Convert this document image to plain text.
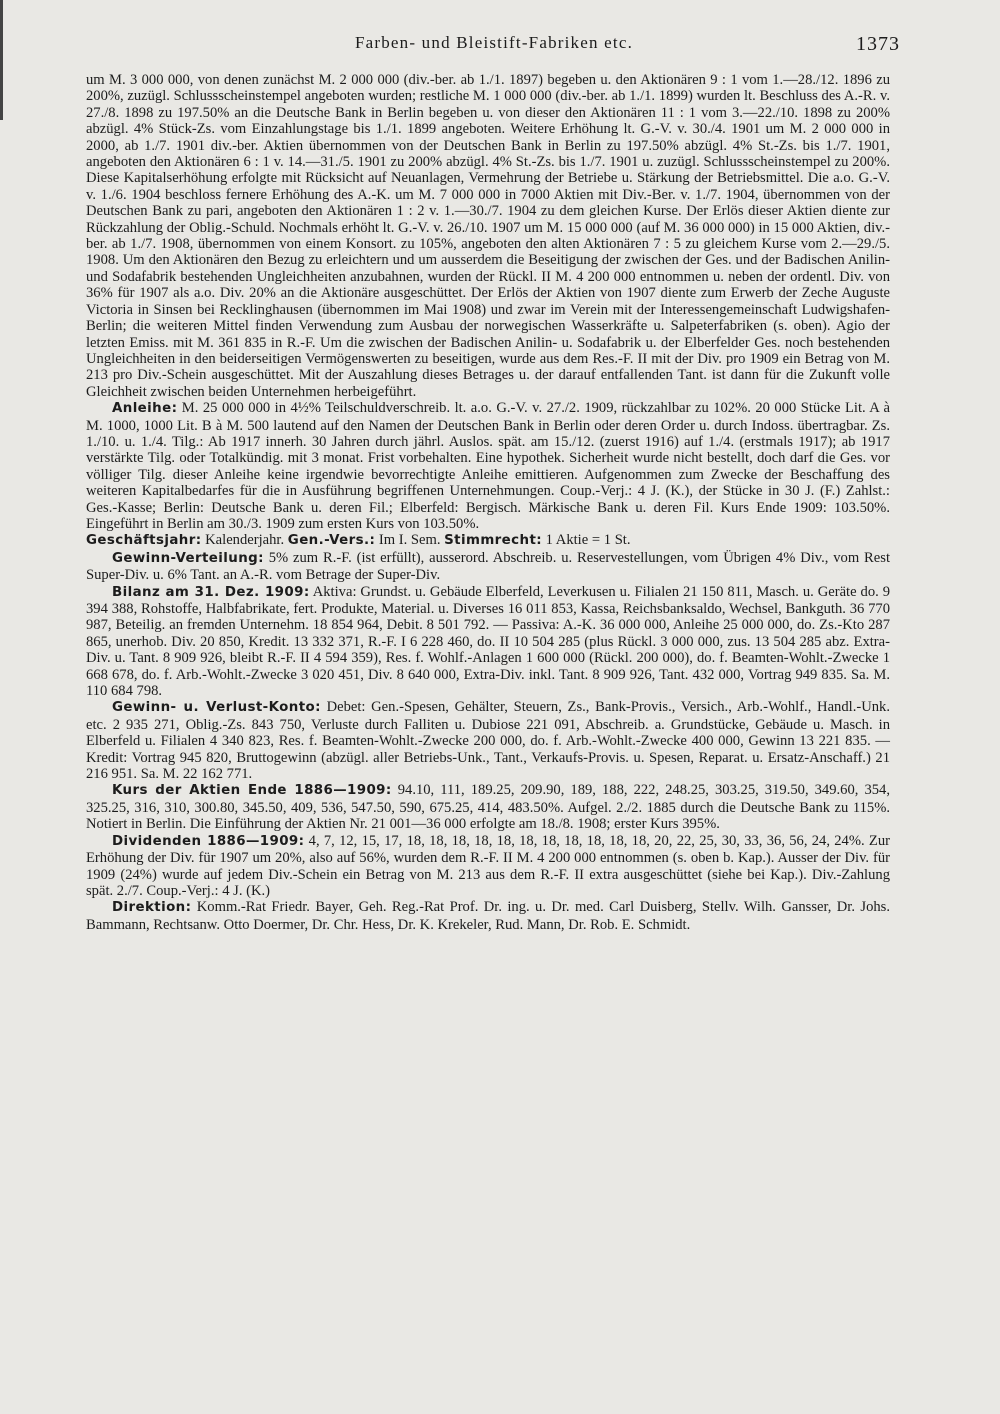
Farben- und Bleistift-Fabriken etc.	1373

um M. 3 000 000, von denen zunächst M. 2 000 000 (div.-ber. ab 1./1. 1897) begeben u. den Aktionären 9 : 1 vom 1.—28./12. 1896 zu 200%, zuzügl. Schlussscheinstempel angeboten wurden; restliche M. 1 000 000 (div.-ber. ab 1./1. 1899) wurden lt. Beschluss des A.-R. v. 27./8. 1898 zu 197.50% an die Deutsche Bank in Berlin begeben u. von dieser den Aktionären 11 : 1 vom 3.—22./10. 1898 zu 200% abzügl. 4% Stück-Zs. vom Einzahlungstage bis 1./1. 1899 angeboten. Weitere Erhöhung lt. G.-V. v. 30./4. 1901 um M. 2 000 000 in 2000, ab 1./7. 1901 div.-ber. Aktien übernommen von der Deutschen Bank in Berlin zu 197.50% abzügl. 4% St.-Zs. bis 1./7. 1901, angeboten den Aktionären 6 : 1 v. 14.—31./5. 1901 zu 200% abzügl. 4% St.-Zs. bis 1./7. 1901 u. zuzügl. Schlussscheinstempel zu 200%. Diese Kapitalserhöhung erfolgte mit Rücksicht auf Neuanlagen, Vermehrung der Betriebe u. Stärkung der Betriebsmittel. Die a.o. G.-V. v. 1./6. 1904 beschloss fernere Erhöhung des A.-K. um M. 7 000 000 in 7000 Aktien mit Div.-Ber. v. 1./7. 1904, übernommen von der Deutschen Bank zu pari, angeboten den Aktionären 1 : 2 v. 1.—30./7. 1904 zu dem gleichen Kurse. Der Erlös dieser Aktien diente zur Rückzahlung der Oblig.-Schuld. Nochmals erhöht lt. G.-V. v. 26./10. 1907 um M. 15 000 000 (auf M. 36 000 000) in 15 000 Aktien, div.-ber. ab 1./7. 1908, übernommen von einem Konsort. zu 105%, angeboten den alten Aktionären 7 : 5 zu gleichem Kurse vom 2.—29./5. 1908. Um den Aktionären den Bezug zu erleichtern und um ausserdem die Beseitigung der zwischen der Ges. und der Badischen Anilin- und Sodafabrik bestehenden Ungleichheiten anzubahnen, wurden der Rückl. II M. 4 200 000 entnommen u. neben der ordentl. Div. von 36% für 1907 als a.o. Div. 20% an die Aktionäre ausgeschüttet. Der Erlös der Aktien von 1907 diente zum Erwerb der Zeche Auguste Victoria in Sinsen bei Recklinghausen (übernommen im Mai 1908) und zwar im Verein mit der Interessengemeinschaft Ludwigshafen-Berlin; die weiteren Mittel finden Verwendung zum Ausbau der norwegischen Wasserkräfte u. Salpeterfabriken (s. oben). Agio der letzten Emiss. mit M. 361 835 in R.-F. Um die zwischen der Badischen Anilin- u. Sodafabrik u. der Elberfelder Ges. noch bestehenden Ungleichheiten in den beiderseitigen Vermögenswerten zu beseitigen, wurde aus dem Res.-F. II mit der Div. pro 1909 ein Betrag von M. 213 pro Div.-Schein ausgeschüttet. Mit der Auszahlung dieses Betrages u. der darauf entfallenden Tant. ist dann für die Zukunft volle Gleichheit zwischen beiden Unternehmen herbeigeführt.

Anleihe: M. 25 000 000 in 4½% Teilschuldverschreib. lt. a.o. G.-V. v. 27./2. 1909, rückzahlbar zu 102%. 20 000 Stücke Lit. A à M. 1000, 1000 Lit. B à M. 500 lautend auf den Namen der Deutschen Bank in Berlin oder deren Order u. durch Indoss. übertragbar. Zs. 1./10. u. 1./4. Tilg.: Ab 1917 innerh. 30 Jahren durch jährl. Auslos. spät. am 15./12. (zuerst 1916) auf 1./4. (erstmals 1917); ab 1917 verstärkte Tilg. oder Totalkündig. mit 3 monat. Frist vorbehalten. Eine hypothek. Sicherheit wurde nicht bestellt, doch darf die Ges. vor völliger Tilg. dieser Anleihe keine irgendwie bevorrechtigte Anleihe emittieren. Aufgenommen zum Zwecke der Beschaffung des weiteren Kapitalbedarfes für die in Ausführung begriffenen Unternehmungen. Coup.-Verj.: 4 J. (K.), der Stücke in 30 J. (F.) Zahlst.: Ges.-Kasse; Berlin: Deutsche Bank u. deren Fil.; Elberfeld: Bergisch. Märkische Bank u. deren Fil. Kurs Ende 1909: 103.50%. Eingeführt in Berlin am 30./3. 1909 zum ersten Kurs von 103.50%.

Geschäftsjahr: Kalenderjahr. Gen.-Vers.: Im I. Sem. Stimmrecht: 1 Aktie = 1 St.

Gewinn-Verteilung: 5% zum R.-F. (ist erfüllt), ausserord. Abschreib. u. Reservestellungen, vom Übrigen 4% Div., vom Rest Super-Div. u. 6% Tant. an A.-R. vom Betrage der Super-Div.

Bilanz am 31. Dez. 1909: Aktiva: Grundst. u. Gebäude Elberfeld, Leverkusen u. Filialen 21 150 811, Masch. u. Geräte do. 9 394 388, Rohstoffe, Halbfabrikate, fert. Produkte, Material. u. Diverses 16 011 853, Kassa, Reichsbanksaldo, Wechsel, Bankguth. 36 770 987, Beteilig. an fremden Unternehm. 18 854 964, Debit. 8 501 792. — Passiva: A.-K. 36 000 000, Anleihe 25 000 000, do. Zs.-Kto 287 865, unerhob. Div. 20 850, Kredit. 13 332 371, R.-F. I 6 228 460, do. II 10 504 285 (plus Rückl. 3 000 000, zus. 13 504 285 abz. Extra-Div. u. Tant. 8 909 926, bleibt R.-F. II 4 594 359), Res. f. Wohlf.-Anlagen 1 600 000 (Rückl. 200 000), do. f. Beamten-Wohlt.-Zwecke 1 668 678, do. f. Arb.-Wohlt.-Zwecke 3 020 451, Div. 8 640 000, Extra-Div. inkl. Tant. 8 909 926, Tant. 432 000, Vortrag 949 835. Sa. M. 110 684 798.

Gewinn- u. Verlust-Konto: Debet: Gen.-Spesen, Gehälter, Steuern, Zs., Bank-Provis., Versich., Arb.-Wohlf., Handl.-Unk. etc. 2 935 271, Oblig.-Zs. 843 750, Verluste durch Falliten u. Dubiose 221 091, Abschreib. a. Grundstücke, Gebäude u. Masch. in Elberfeld u. Filialen 4 340 823, Res. f. Beamten-Wohlt.-Zwecke 200 000, do. f. Arb.-Wohlt.-Zwecke 400 000, Gewinn 13 221 835. — Kredit: Vortrag 945 820, Bruttogewinn (abzügl. aller Betriebs-Unk., Tant., Verkaufs-Provis. u. Spesen, Reparat. u. Ersatz-Anschaff.) 21 216 951. Sa. M. 22 162 771.

Kurs der Aktien Ende 1886—1909: 94.10, 111, 189.25, 209.90, 189, 188, 222, 248.25, 303.25, 319.50, 349.60, 354, 325.25, 316, 310, 300.80, 345.50, 409, 536, 547.50, 590, 675.25, 414, 483.50%. Aufgel. 2./2. 1885 durch die Deutsche Bank zu 115%. Notiert in Berlin. Die Einführung der Aktien Nr. 21 001—36 000 erfolgte am 18./8. 1908; erster Kurs 395%.

Dividenden 1886—1909: 4, 7, 12, 15, 17, 18, 18, 18, 18, 18, 18, 18, 18, 18, 18, 18, 20, 22, 25, 30, 33, 36, 56, 24, 24%. Zur Erhöhung der Div. für 1907 um 20%, also auf 56%, wurden dem R.-F. II M. 4 200 000 entnommen (s. oben b. Kap.). Ausser der Div. für 1909 (24%) wurde auf jedem Div.-Schein ein Betrag von M. 213 aus dem R.-F. II extra ausgeschüttet (siehe bei Kap.). Div.-Zahlung spät. 2./7. Coup.-Verj.: 4 J. (K.)

Direktion: Komm.-Rat Friedr. Bayer, Geh. Reg.-Rat Prof. Dr. ing. u. Dr. med. Carl Duisberg, Stellv. Wilh. Gansser, Dr. Johs. Bammann, Rechtsanw. Otto Doermer, Dr. Chr. Hess, Dr. K. Krekeler, Rud. Mann, Dr. Rob. E. Schmidt.
